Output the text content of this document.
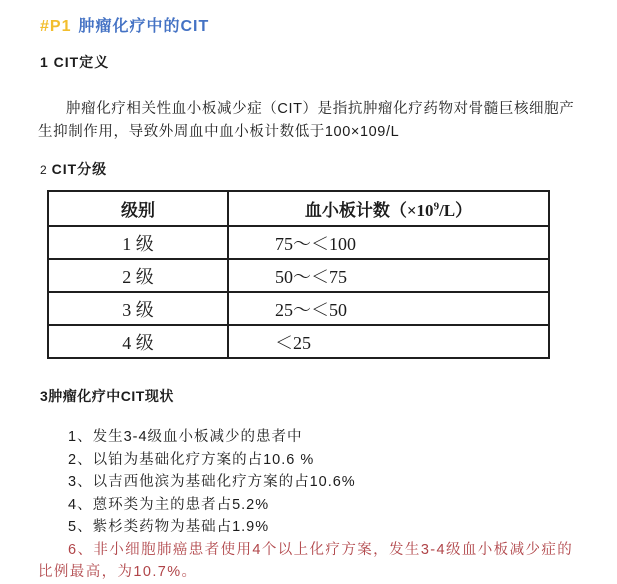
#P1 肿瘤化疗中的CIT
1 CIT定义

肿瘤化疗相关性血小板减少症（CIT）是指抗肿瘤化疗药物对骨髓巨核细胞产生抑制作用，导致外周血中血小板计数低于100×109/L

2 CIT分级
级别	血小板计数$(\times 10^9/L)$
1 级	75～＜100
2 级	50～＜75
3 级	25～＜50
4 级	＜25
3肿瘤化疗中CIT现状
1、发生3-4级血小板减少的患者中
2、以铂为基础化疗方案的占10.6 %
3、以吉西他滨为基础化疗方案的占10.6%
4、蒽环类为主的患者占5.2%
5、紫杉类药物为基础占1.9%

6、非小细胞肺癌患者使用4个以上化疗方案，发生3-4级血小板减少症的比例最高，为10.7%。
